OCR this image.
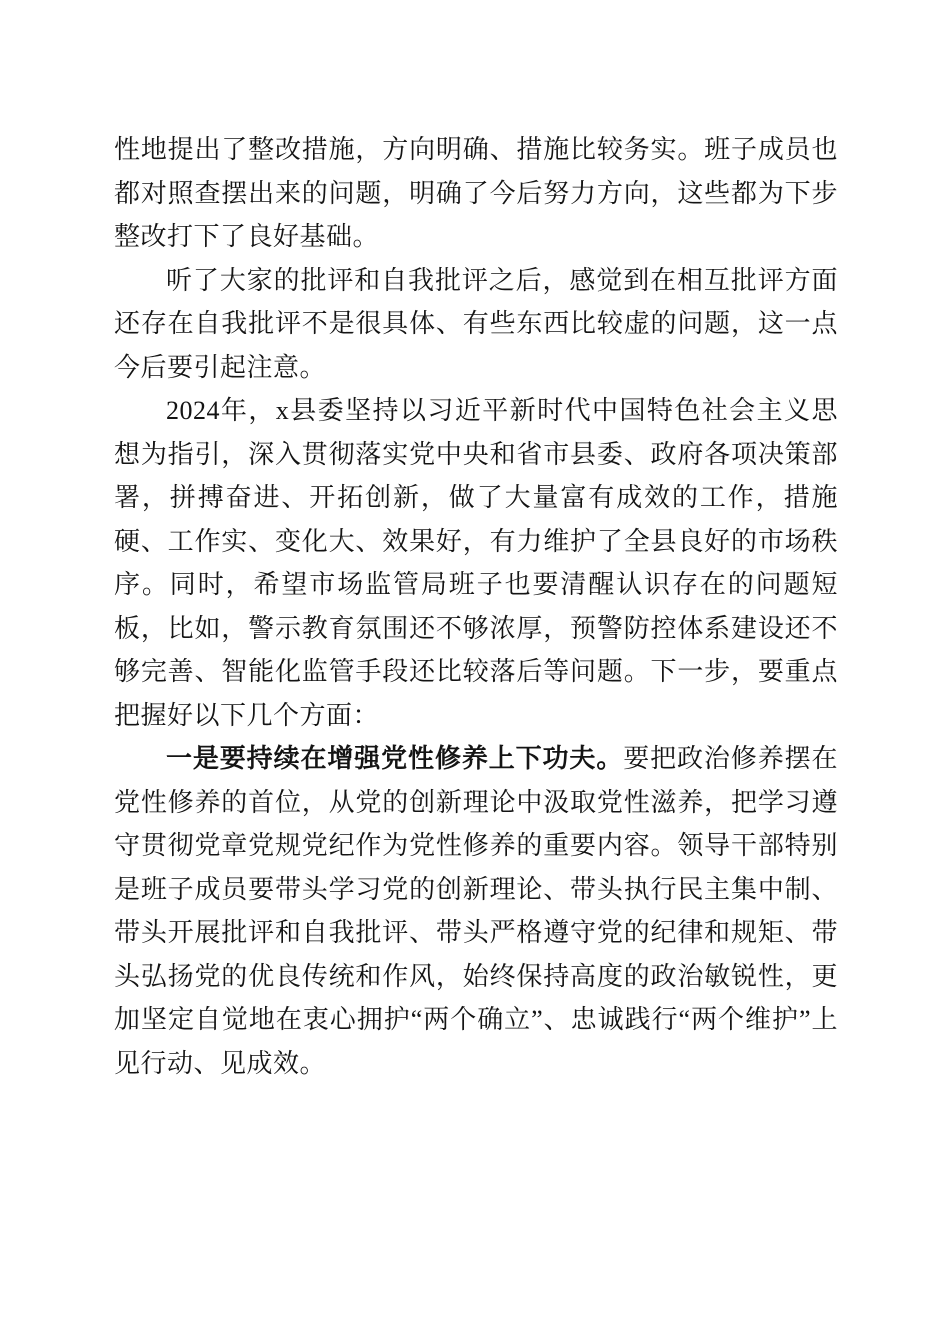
性地提出了整改措施，方向明确、措施比较务实。班子成员也都对照查摆出来的问题，明确了今后努力方向，这些都为下步整改打下了良好基础。

听了大家的批评和自我批评之后，感觉到在相互批评方面还存在自我批评不是很具体、有些东西比较虚的问题，这一点今后要引起注意。

2024年，x县委坚持以习近平新时代中国特色社会主义思想为指引，深入贯彻落实党中央和省市县委、政府各项决策部署，拼搏奋进、开拓创新，做了大量富有成效的工作，措施硬、工作实、变化大、效果好，有力维护了全县良好的市场秩序。同时，希望市场监管局班子也要清醒认识存在的问题短板，比如，警示教育氛围还不够浓厚，预警防控体系建设还不够完善、智能化监管手段还比较落后等问题。下一步，要重点把握好以下几个方面：

一是要持续在增强党性修养上下功夫。要把政治修养摆在党性修养的首位，从党的创新理论中汲取党性滋养，把学习遵守贯彻党章党规党纪作为党性修养的重要内容。领导干部特别是班子成员要带头学习党的创新理论、带头执行民主集中制、带头开展批评和自我批评、带头严格遵守党的纪律和规矩、带头弘扬党的优良传统和作风，始终保持高度的政治敏锐性，更加坚定自觉地在衷心拥护“两个确立”、忠诚践行“两个维护”上见行动、见成效。
